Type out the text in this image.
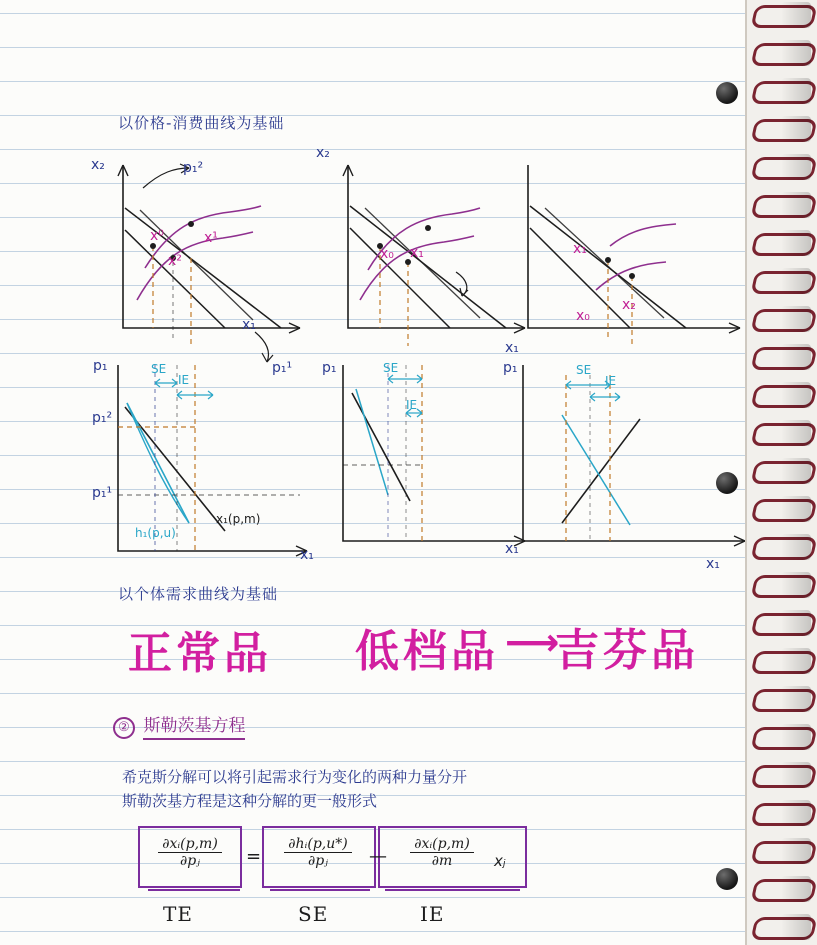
以价格-消费曲线为基础
x₂
x₁
p₁²
p₁¹
x⁰	x¹
x²
x₂
x₁
x₀ x₁	x₁
x₀
x₂
p₁
p₁²
p₁¹
SE
IE
h₁(p,u)
x₁(p,m)
x₁
p₁	SE
IE
x₁
p₁	SE
IE
x₁
以个体需求曲线为基础
正常品 低档品 ⟶
吉芬品
② 斯勒茨基方程
希克斯分解可以将引起需求行为变化的两种力量分开
斯勒茨基方程是这种分解的更一般形式
$\frac{\text{∂xᵢ(p,m)}}{\text{∂pⱼ}} = \frac{\text{∂hᵢ(p,u*)}}{\text{∂pⱼ}}$ — $\frac{\text{∂xᵢ(p,m)}}{\partial m}$ xⱼ
TE	SE	IE
